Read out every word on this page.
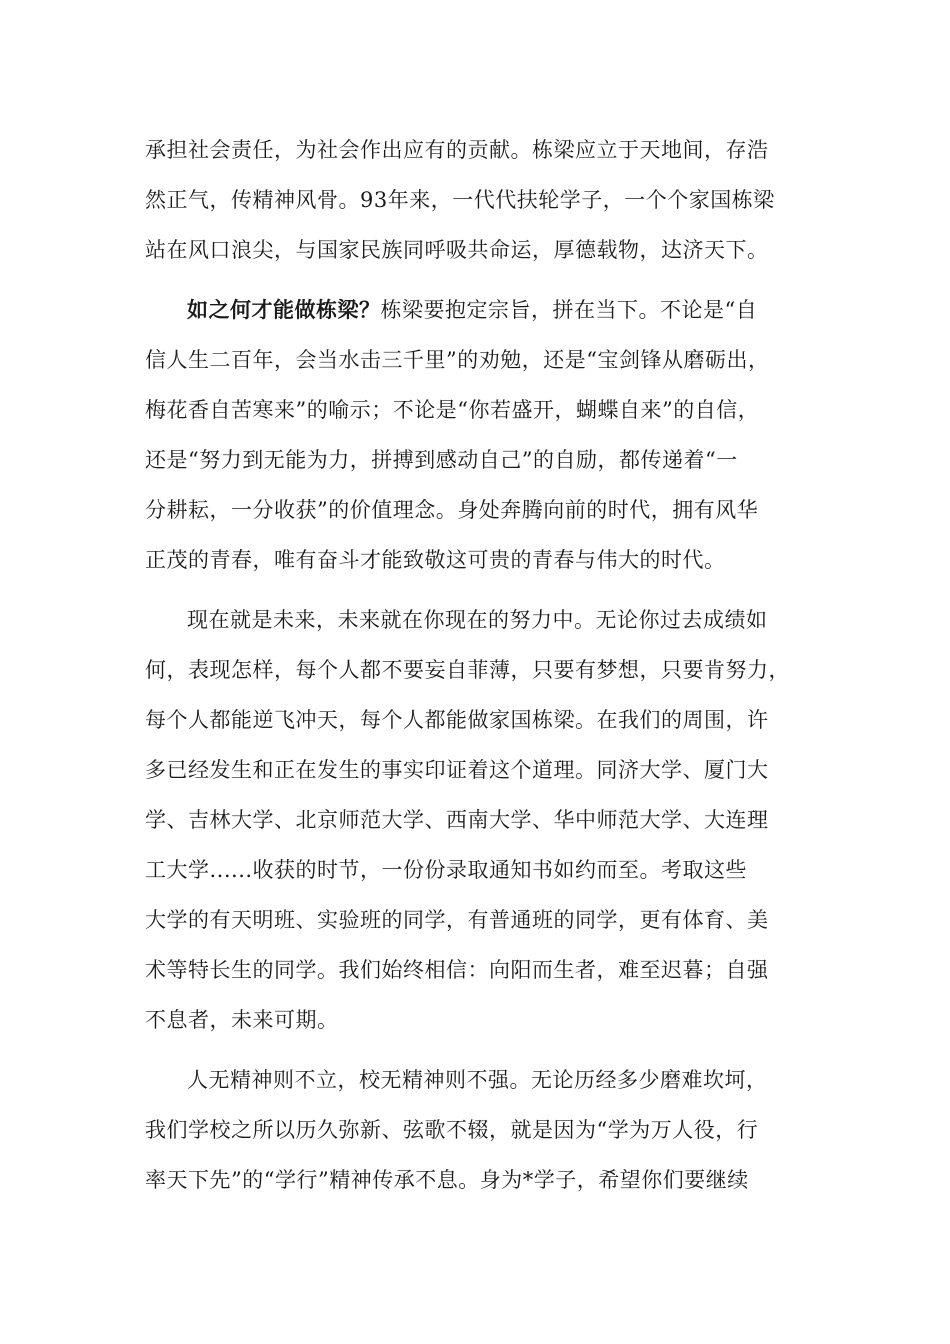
承担社会责任，为社会作出应有的贡献。栋梁应立于天地间，存浩
然正气，传精神风骨。93年来，一代代扶轮学子，一个个家国栋梁
站在风口浪尖，与国家民族同呼吸共命运，厚德载物，达济天下。
如之何才能做栋梁？栋梁要抱定宗旨，拼在当下。不论是“自
信人生二百年，会当水击三千里”的劝勉，还是“宝剑锋从磨砺出，
梅花香自苦寒来”的喻示；不论是“你若盛开，蝴蝶自来”的自信，
还是“努力到无能为力，拼搏到感动自己”的自励，都传递着“一
分耕耘，一分收获”的价值理念。身处奔腾向前的时代，拥有风华
正茂的青春，唯有奋斗才能致敬这可贵的青春与伟大的时代。
现在就是未来，未来就在你现在的努力中。无论你过去成绩如
何，表现怎样，每个人都不要妄自菲薄，只要有梦想，只要肯努力，
每个人都能逆飞冲天，每个人都能做家国栋梁。在我们的周围，许
多已经发生和正在发生的事实印证着这个道理。同济大学、厦门大
学、吉林大学、北京师范大学、西南大学、华中师范大学、大连理
工大学......收获的时节，一份份录取通知书如约而至。考取这些
大学的有天明班、实验班的同学，有普通班的同学，更有体育、美
术等特长生的同学。我们始终相信：向阳而生者，难至迟暮；自强
不息者，未来可期。
人无精神则不立，校无精神则不强。无论历经多少磨难坎坷，
我们学校之所以历久弥新、弦歌不辍，就是因为“学为万人役，行
率天下先”的“学行”精神传承不息。身为*学子，希望你们要继续
